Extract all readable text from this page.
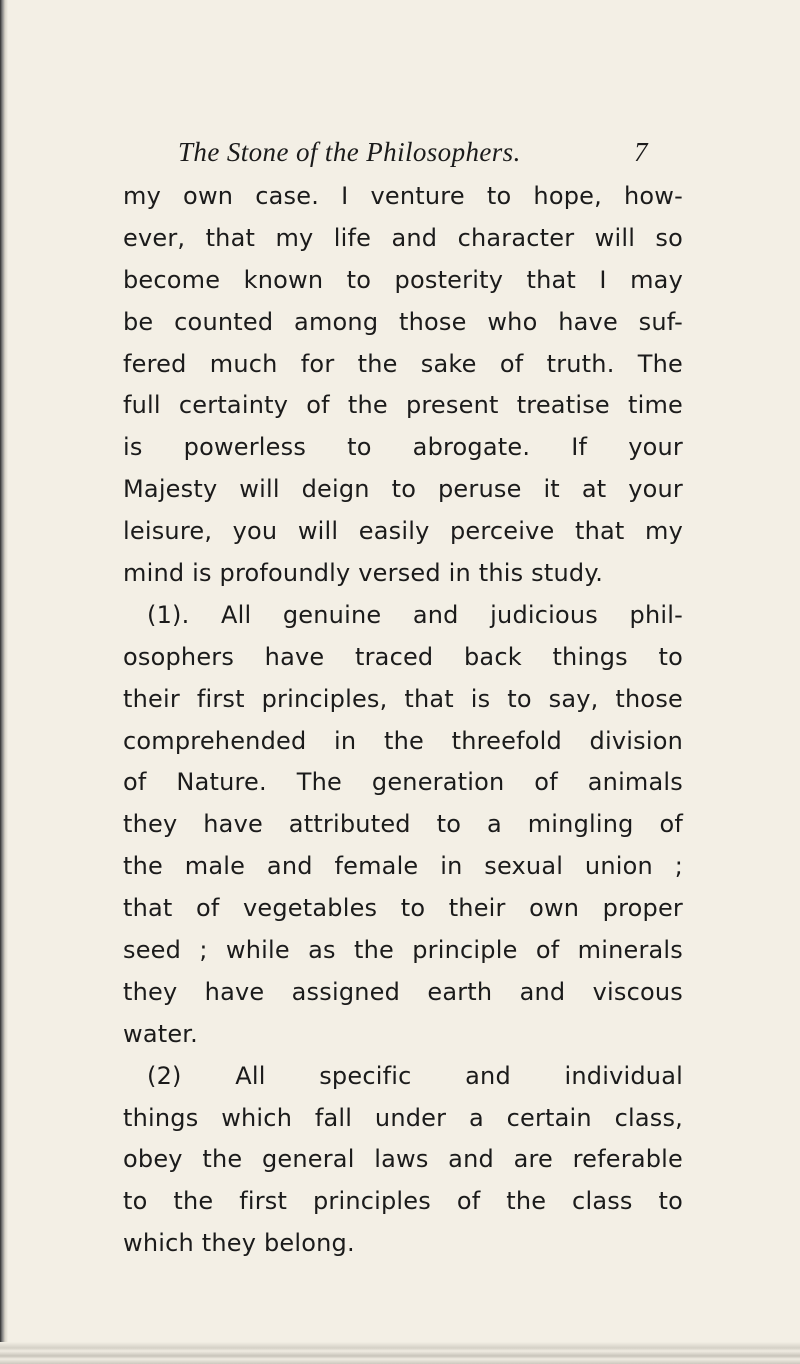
The Stone of the Philosophers.	7
my own case. I venture to hope, how-
ever, that my life and character will so
become known to posterity that I may
be counted among those who have suf-
fered much for the sake of truth. The
full certainty of the present treatise time
is powerless to abrogate. If your
Majesty will deign to peruse it at your
leisure, you will easily perceive that my
mind is profoundly versed in this study.
(1). All genuine and judicious phil-
osophers have traced back things to
their first principles, that is to say, those
comprehended in the threefold division
of Nature. The generation of animals
they have attributed to a mingling of
the male and female in sexual union ;
that of vegetables to their own proper
seed ; while as the principle of minerals
they have assigned earth and viscous
water.
(2) All specific and individual
things which fall under a certain class,
obey the general laws and are referable
to the first principles of the class to
which they belong.
